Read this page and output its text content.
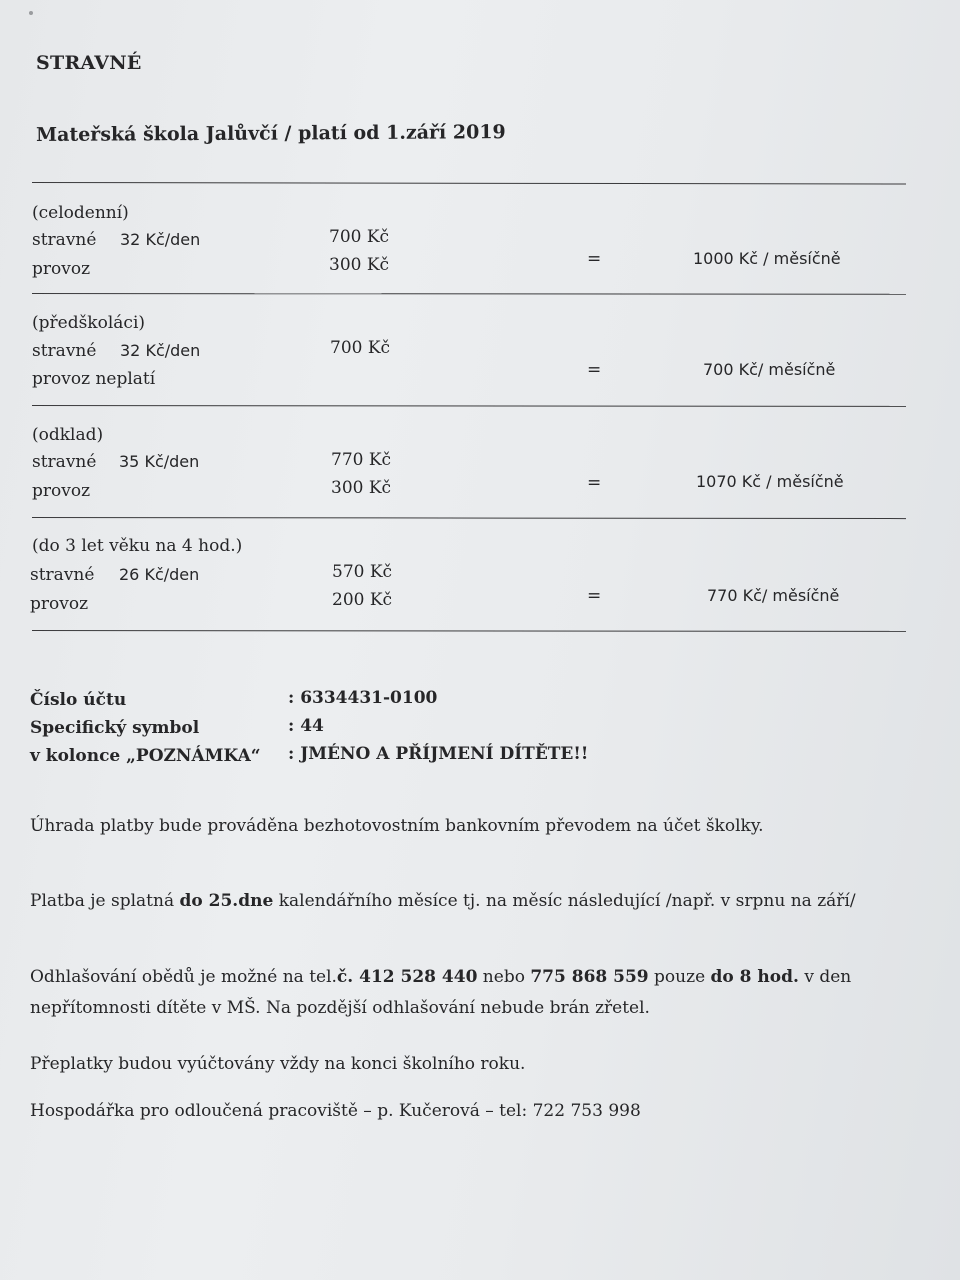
STRAVNÉ
Mateřská škola Jalůvčí / platí od 1.září 2019
(celodenní)
stravné 32 Kč/den	700 Kč
provoz	300 Kč	=	1000 Kč / měsíčně
(předškoláci)
stravné 32 Kč/den	700 Kč
provoz neplatí	=	700 Kč/ měsíčně
(odklad)
stravné 35 Kč/den	770 Kč
provoz	300 Kč	=	1070 Kč / měsíčně
(do 3 let věku na 4 hod.)
stravné 26 Kč/den	570 Kč
provoz	200 Kč	=	770 Kč/ měsíčně
Číslo účtu	: 6334431-0100
Specifický symbol	: 44
v kolonce „POZNÁMKA“ : JMÉNO A PŘÍJMENÍ DÍTĚTE!!
Úhrada platby bude prováděna bezhotovostním bankovním převodem na účet školky.
Platba je splatná do 25.dne kalendářního měsíce tj. na měsíc následující /např. v srpnu na září/
Odhlašování obědů je možné na tel.č. 412 528 440 nebo 775 868 559 pouze do 8 hod. v den
nepřítomnosti dítěte v MŠ. Na pozdější odhlašování nebude brán zřetel.
Přeplatky budou vyúčtovány vždy na konci školního roku.
Hospodářka pro odloučená pracoviště – p. Kučerová – tel: 722 753 998
